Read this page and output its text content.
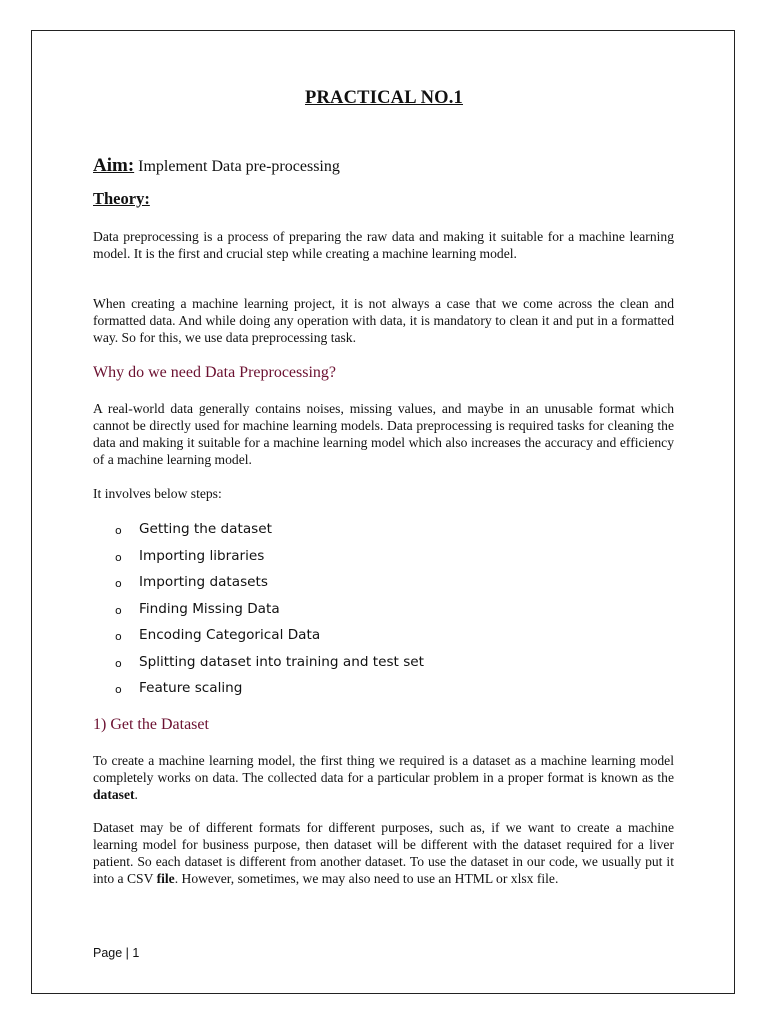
PRACTICAL NO.1
Aim: Implement Data pre-processing
Theory:

Data preprocessing is a process of preparing the raw data and making it suitable for a machine learning model. It is the first and crucial step while creating a machine learning model.

When creating a machine learning project, it is not always a case that we come across the clean and formatted data. And while doing any operation with data, it is mandatory to clean it and put in a formatted way. So for this, we use data preprocessing task.

Why do we need Data Preprocessing?

A real-world data generally contains noises, missing values, and maybe in an unusable format which cannot be directly used for machine learning models. Data preprocessing is required tasks for cleaning the data and making it suitable for a machine learning model which also increases the accuracy and efficiency of a machine learning model.

It involves below steps:

o Getting the dataset
o Importing libraries
o Importing datasets
o Finding Missing Data
o Encoding Categorical Data
o Splitting dataset into training and test set
o Feature scaling
1) Get the Dataset

To create a machine learning model, the first thing we required is a dataset as a machine learning model completely works on data. The collected data for a particular problem in a proper format is known as the dataset.

Dataset may be of different formats for different purposes, such as, if we want to create a machine learning model for business purpose, then dataset will be different with the dataset required for a liver patient. So each dataset is different from another dataset. To use the dataset in our code, we usually put it into a CSV file. However, sometimes, we may also need to use an HTML or xlsx file.

Page | 1
